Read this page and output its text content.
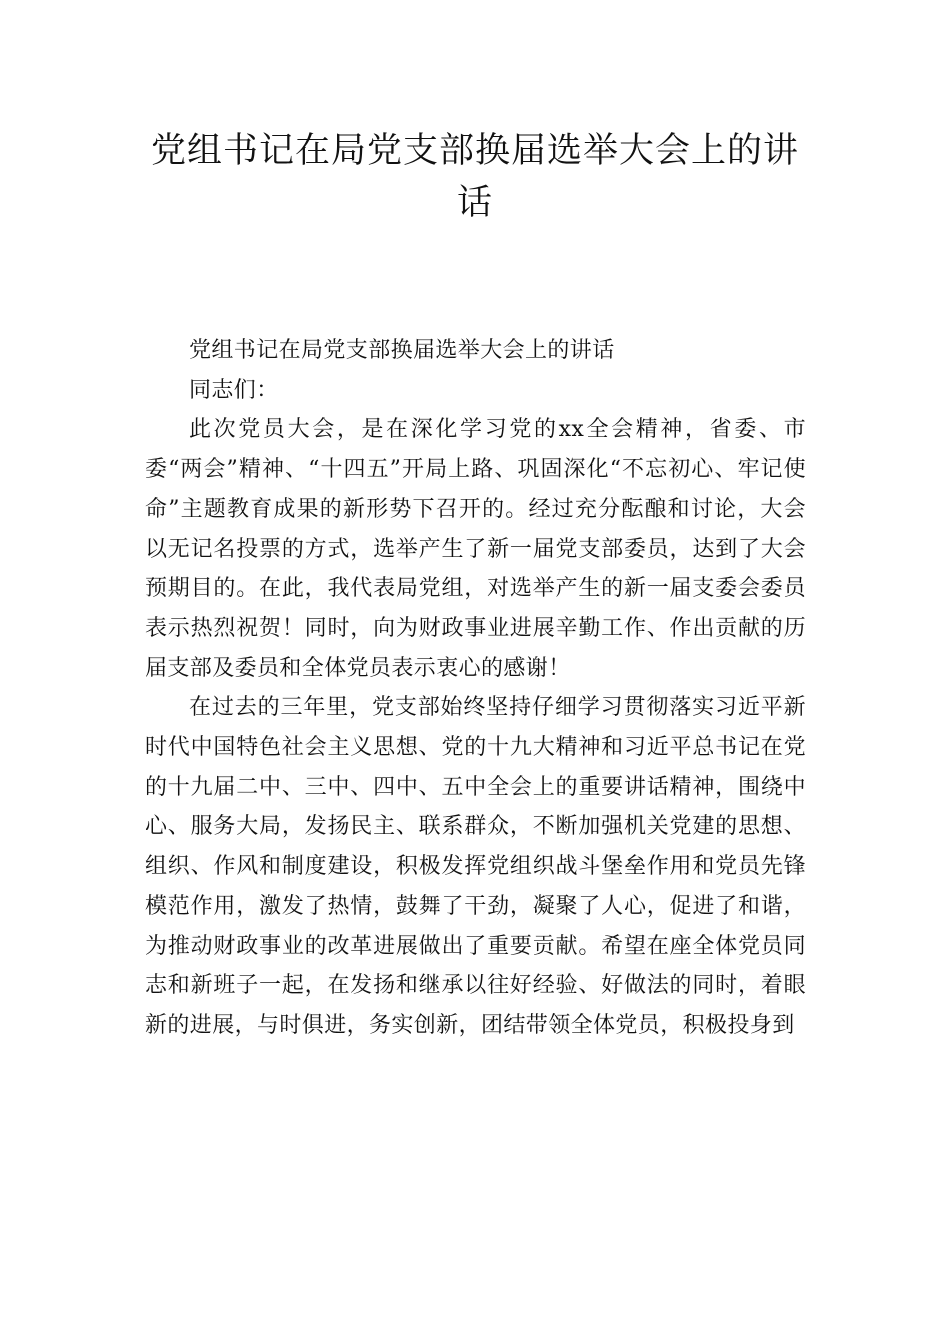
党组书记在局党支部换届选举大会上的讲话

党组书记在局党支部换届选举大会上的讲话

同志们：

此次党员大会，是在深化学习党的xx全会精神，省委、市委“两会”精神、“十四五”开局上路、巩固深化“不忘初心、牢记使命”主题教育成果的新形势下召开的。经过充分酝酿和讨论，大会以无记名投票的方式，选举产生了新一届党支部委员，达到了大会预期目的。在此，我代表局党组，对选举产生的新一届支委会委员表示热烈祝贺！同时，向为财政事业进展辛勤工作、作出贡献的历届支部及委员和全体党员表示衷心的感谢！

在过去的三年里，党支部始终坚持仔细学习贯彻落实习近平新时代中国特色社会主义思想、党的十九大精神和习近平总书记在党的十九届二中、三中、四中、五中全会上的重要讲话精神，围绕中心、服务大局，发扬民主、联系群众，不断加强机关党建的思想、组织、作风和制度建设，积极发挥党组织战斗堡垒作用和党员先锋模范作用，激发了热情，鼓舞了干劲，凝聚了人心，促进了和谐，为推动财政事业的改革进展做出了重要贡献。希望在座全体党员同志和新班子一起，在发扬和继承以往好经验、好做法的同时，着眼新的进展，与时俱进，务实创新，团结带领全体党员，积极投身到
